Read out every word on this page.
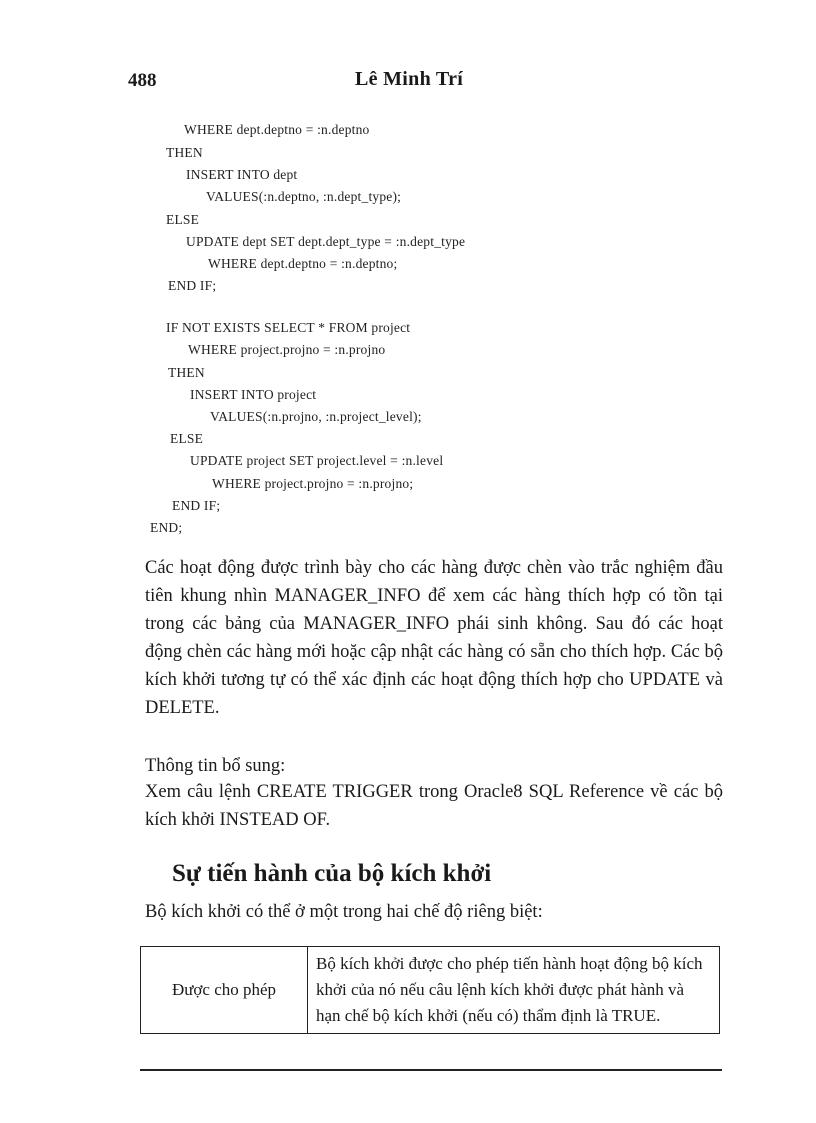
488	Lê Minh Trí
WHERE dept.deptno = :n.deptno
THEN
INSERT INTO dept
VALUES(:n.deptno, :n.dept_type);
ELSE
UPDATE dept SET dept.dept_type = :n.dept_type
WHERE dept.deptno = :n.deptno;
END IF;
IF NOT EXISTS SELECT * FROM project
WHERE project.projno = :n.projno
THEN
INSERT INTO project
VALUES(:n.projno, :n.project_level);
ELSE
UPDATE project SET project.level = :n.level
WHERE project.projno = :n.projno;
END IF;
END;

Các hoạt động được trình bày cho các hàng được chèn vào trắc nghiệm đầu tiên khung nhìn MANAGER_INFO để xem các hàng thích hợp có tồn tại trong các bảng của MANAGER_INFO phái sinh không. Sau đó các hoạt động chèn các hàng mới hoặc cập nhật các hàng có sẵn cho thích hợp. Các bộ kích khởi tương tự có thể xác định các hoạt động thích hợp cho UPDATE và DELETE.

Thông tin bổ sung:
Xem câu lệnh CREATE TRIGGER trong Oracle8 SQL Reference về các bộ kích khởi INSTEAD OF.
Sự tiến hành của bộ kích khởi
Bộ kích khởi có thể ở một trong hai chế độ riêng biệt:
Được cho phép	Bộ kích khởi được cho phép tiến hành hoạt động bộ kích khởi của nó nếu câu lệnh kích khởi được phát hành và hạn chế bộ kích khởi (nếu có) thẩm định là TRUE.
